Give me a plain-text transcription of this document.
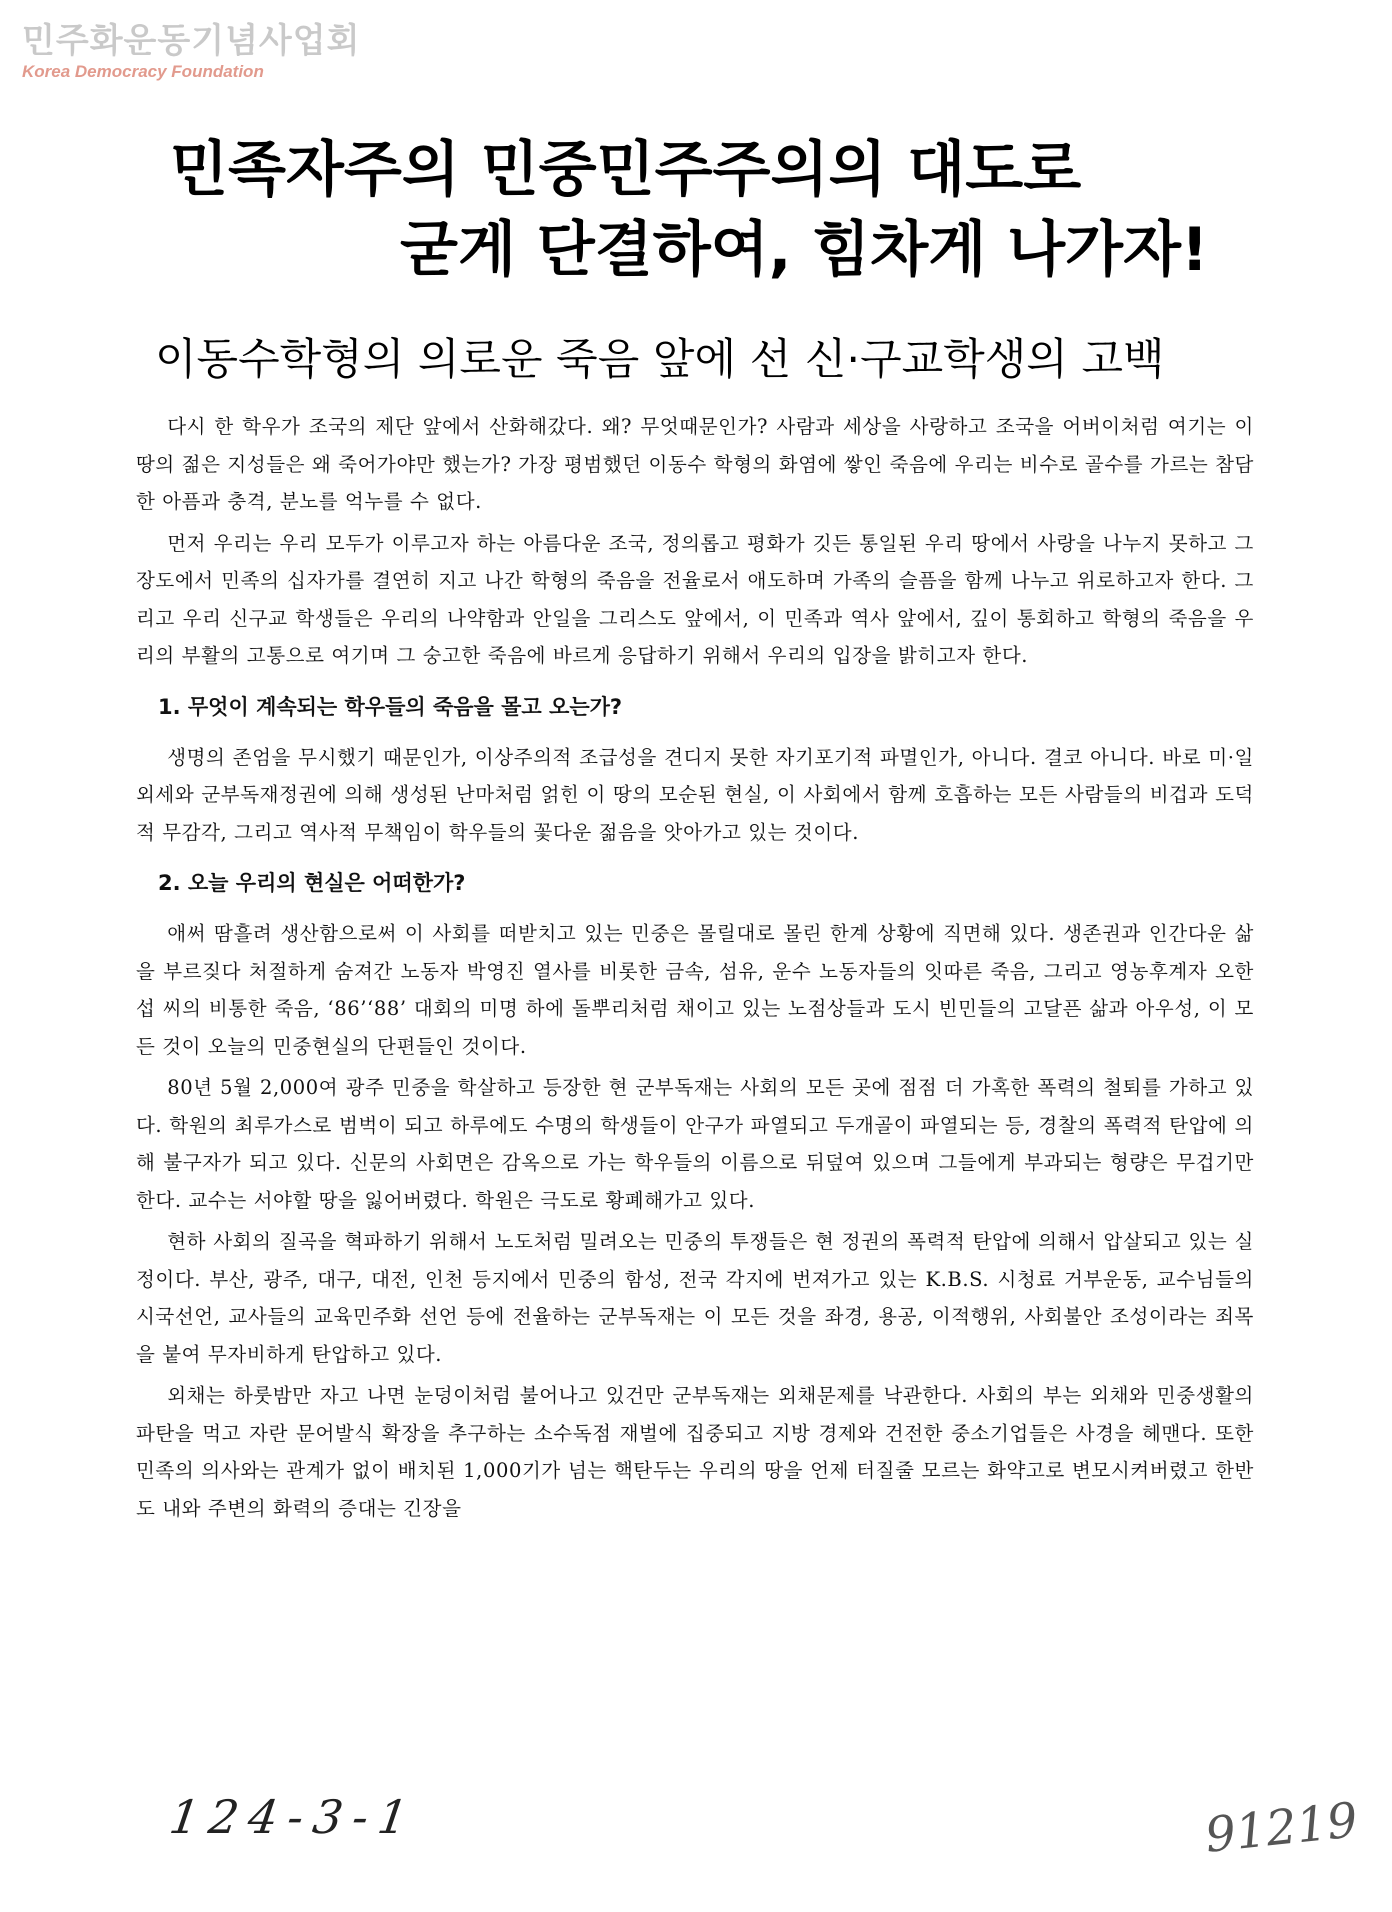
민주화운동기념사업회
Korea Democracy Foundation
민족자주의 민중민주주의의 대도로
굳게 단결하여, 힘차게 나가자!
이동수학형의 의로운 죽음 앞에 선 신·구교학생의 고백

다시 한 학우가 조국의 제단 앞에서 산화해갔다. 왜? 무엇때문인가? 사람과 세상을 사랑하고 조국을 어버이처럼 여기는 이 땅의 젊은 지성들은 왜 죽어가야만 했는가? 가장 평범했던 이동수 학형의 화염에 쌓인 죽음에 우리는 비수로 골수를 가르는 참담한 아픔과 충격, 분노를 억누를 수 없다.

먼저 우리는 우리 모두가 이루고자 하는 아름다운 조국, 정의롭고 평화가 깃든 통일된 우리 땅에서 사랑을 나누지 못하고 그 장도에서 민족의 십자가를 결연히 지고 나간 학형의 죽음을 전율로서 애도하며 가족의 슬픔을 함께 나누고 위로하고자 한다. 그리고 우리 신구교 학생들은 우리의 나약함과 안일을 그리스도 앞에서, 이 민족과 역사 앞에서, 깊이 통회하고 학형의 죽음을 우리의 부활의 고통으로 여기며 그 숭고한 죽음에 바르게 응답하기 위해서 우리의 입장을 밝히고자 한다.

1. 무엇이 계속되는 학우들의 죽음을 몰고 오는가?

생명의 존엄을 무시했기 때문인가, 이상주의적 조급성을 견디지 못한 자기포기적 파멸인가, 아니다. 결코 아니다. 바로 미·일 외세와 군부독재정권에 의해 생성된 난마처럼 얽힌 이 땅의 모순된 현실, 이 사회에서 함께 호흡하는 모든 사람들의 비겁과 도덕적 무감각, 그리고 역사적 무책임이 학우들의 꽃다운 젊음을 앗아가고 있는 것이다.

2. 오늘 우리의 현실은 어떠한가?

애써 땀흘려 생산함으로써 이 사회를 떠받치고 있는 민중은 몰릴대로 몰린 한계 상황에 직면해 있다. 생존권과 인간다운 삶을 부르짖다 처절하게 숨져간 노동자 박영진 열사를 비롯한 금속, 섬유, 운수 노동자들의 잇따른 죽음, 그리고 영농후계자 오한섭 씨의 비통한 죽음, ‘86’‘88’ 대회의 미명 하에 돌뿌리처럼 채이고 있는 노점상들과 도시 빈민들의 고달픈 삶과 아우성, 이 모든 것이 오늘의 민중현실의 단편들인 것이다.

80년 5월 2,000여 광주 민중을 학살하고 등장한 현 군부독재는 사회의 모든 곳에 점점 더 가혹한 폭력의 철퇴를 가하고 있다. 학원의 최루가스로 범벅이 되고 하루에도 수명의 학생들이 안구가 파열되고 두개골이 파열되는 등, 경찰의 폭력적 탄압에 의해 불구자가 되고 있다. 신문의 사회면은 감옥으로 가는 학우들의 이름으로 뒤덮여 있으며 그들에게 부과되는 형량은 무겁기만 한다. 교수는 서야할 땅을 잃어버렸다. 학원은 극도로 황폐해가고 있다.

현하 사회의 질곡을 혁파하기 위해서 노도처럼 밀려오는 민중의 투쟁들은 현 정권의 폭력적 탄압에 의해서 압살되고 있는 실정이다. 부산, 광주, 대구, 대전, 인천 등지에서 민중의 함성, 전국 각지에 번져가고 있는 K.B.S. 시청료 거부운동, 교수님들의 시국선언, 교사들의 교육민주화 선언 등에 전율하는 군부독재는 이 모든 것을 좌경, 용공, 이적행위, 사회불안 조성이라는 죄목을 붙여 무자비하게 탄압하고 있다.

외채는 하룻밤만 자고 나면 눈덩이처럼 불어나고 있건만 군부독재는 외채문제를 낙관한다. 사회의 부는 외채와 민중생활의 파탄을 먹고 자란 문어발식 확장을 추구하는 소수독점 재벌에 집중되고 지방 경제와 건전한 중소기업들은 사경을 헤맨다. 또한 민족의 의사와는 관계가 없이 배치된 1,000기가 넘는 핵탄두는 우리의 땅을 언제 터질줄 모르는 화약고로 변모시켜버렸고 한반도 내와 주변의 화력의 증대는 긴장을

124-3-1	91219
